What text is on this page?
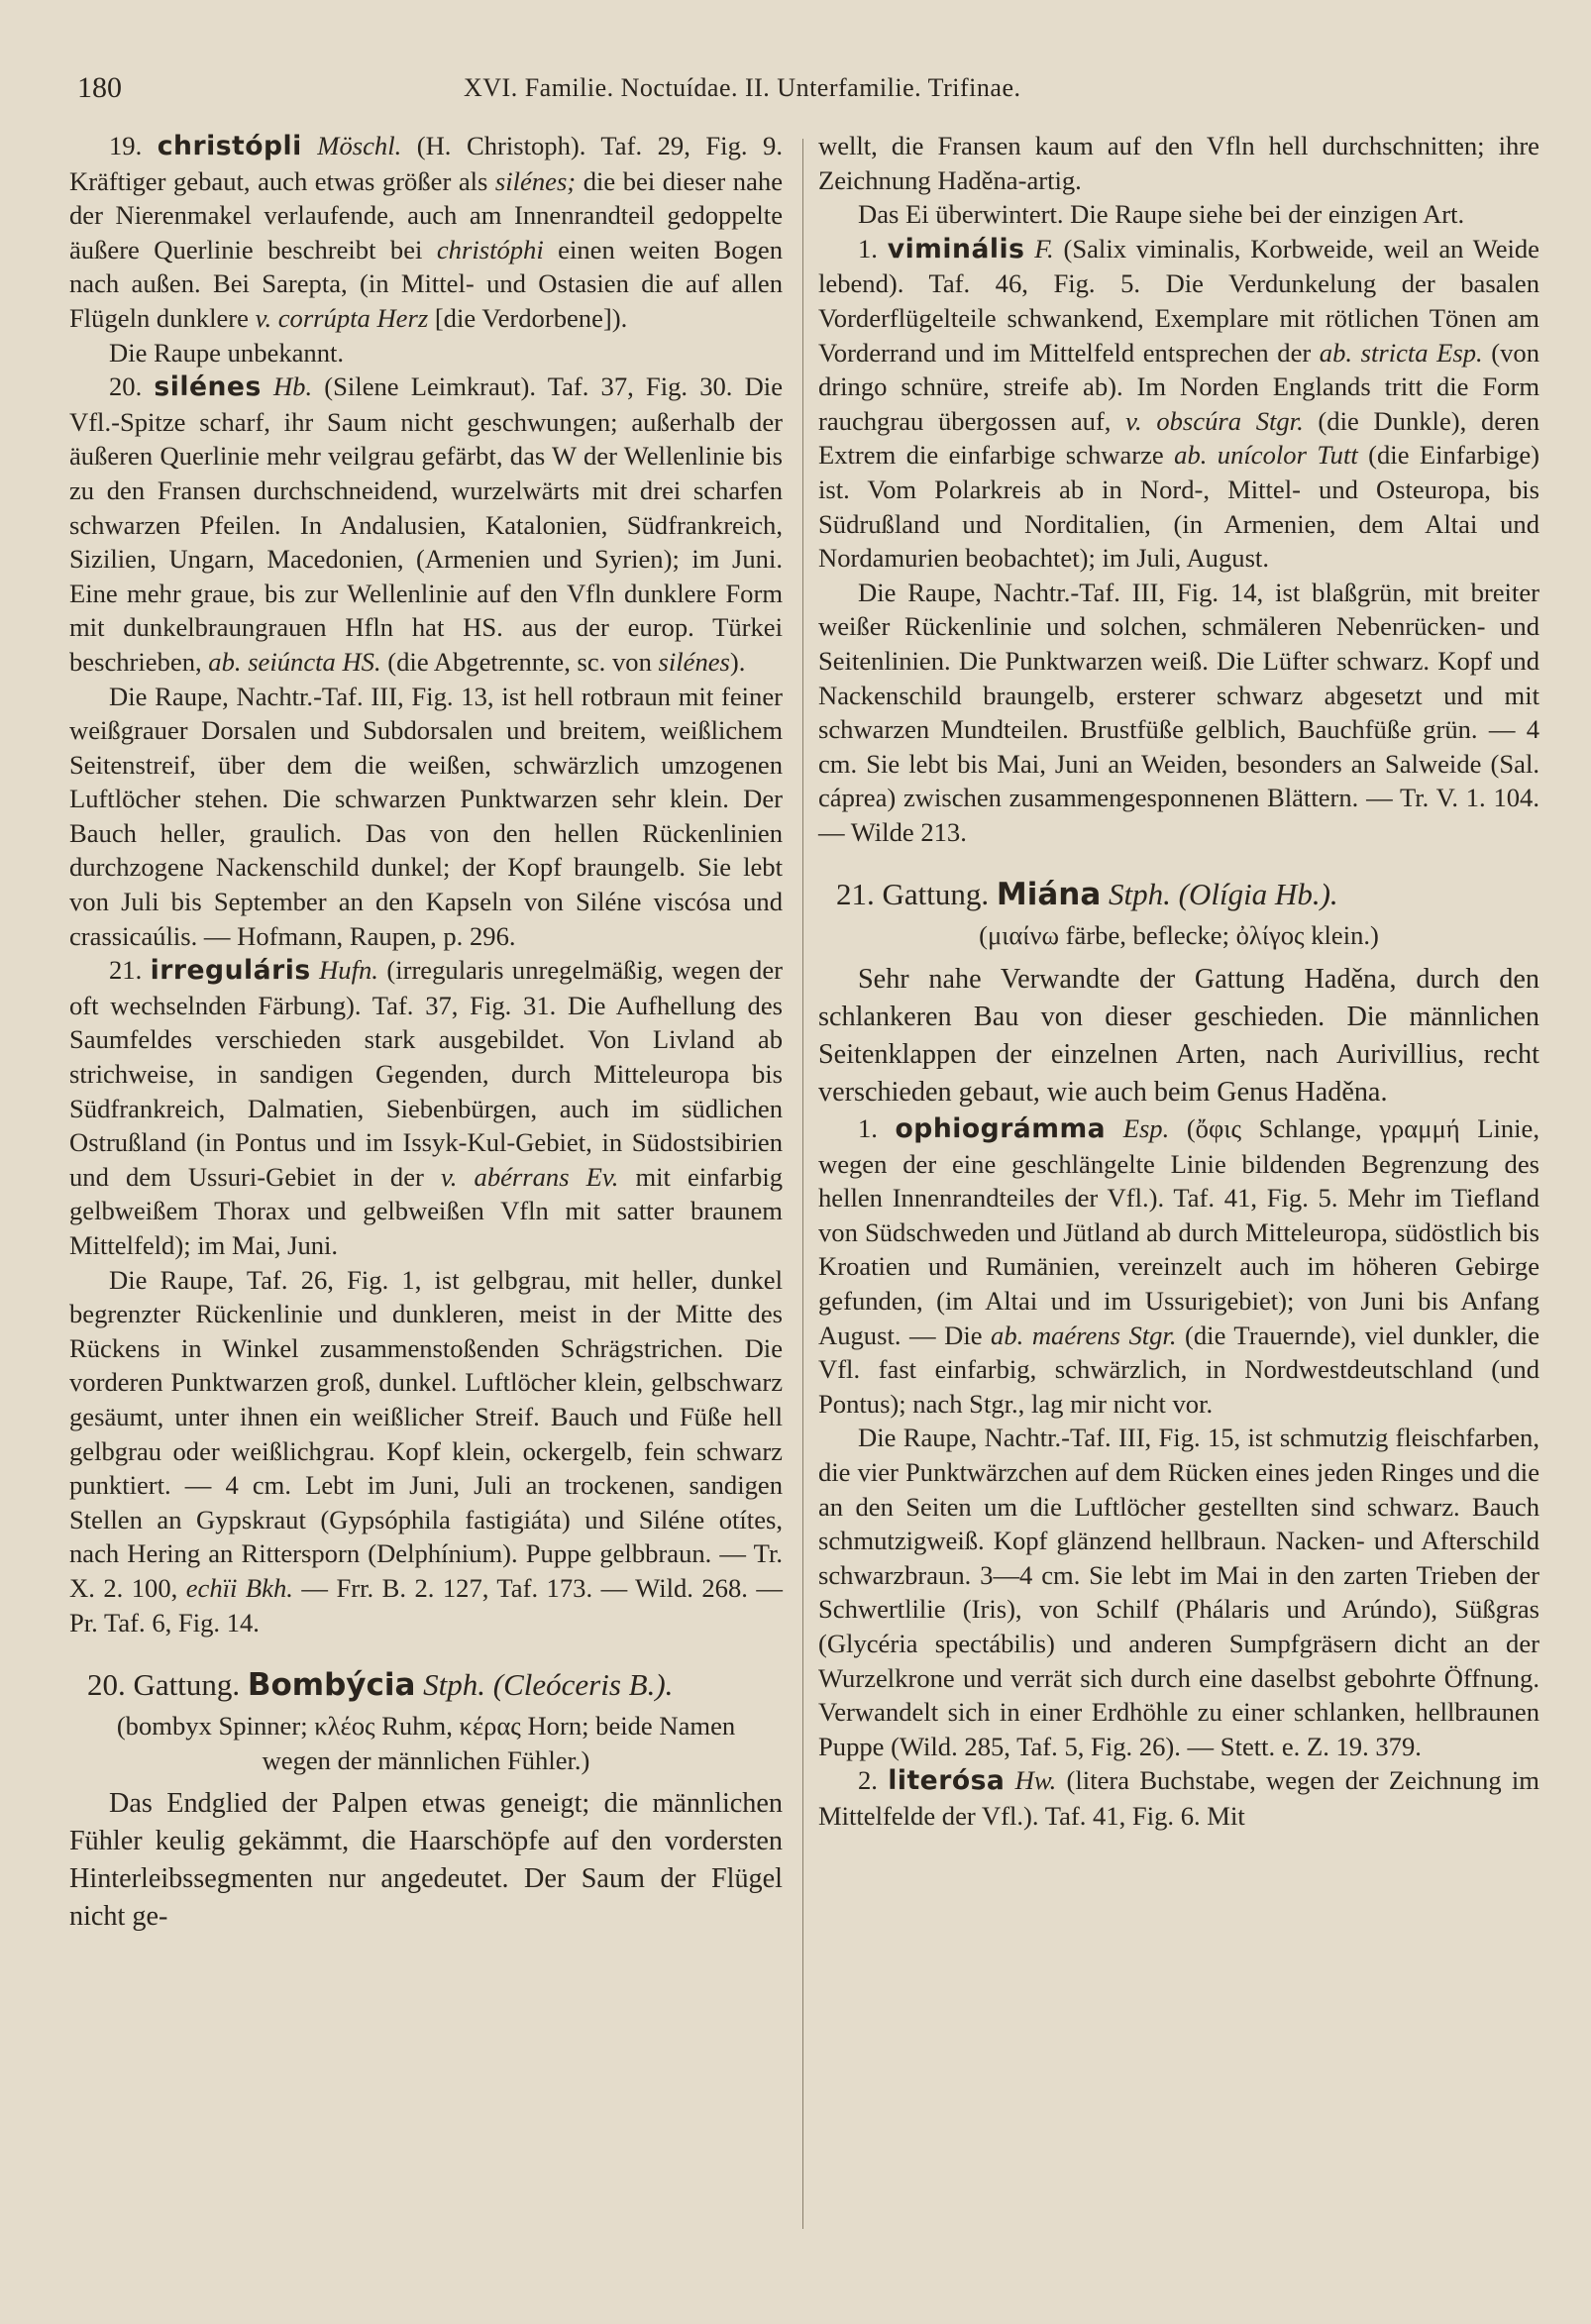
180	XVI. Familie. Noctuídae. II. Unterfamilie. Trifinae.

19. christópli Möschl. (H. Christoph). Taf. 29, Fig. 9. Kräftiger gebaut, auch etwas größer als silénes; die bei dieser nahe der Nierenmakel verlaufende, auch am Innenrandteil gedoppelte äußere Querlinie beschreibt bei christóphi einen weiten Bogen nach außen. Bei Sarepta, (in Mittel- und Ostasien die auf allen Flügeln dunklere v. corrúpta Herz [die Verdorbene]).

Die Raupe unbekannt.

20. silénes Hb. (Silene Leimkraut). Taf. 37, Fig. 30. Die Vfl.-Spitze scharf, ihr Saum nicht geschwungen; außerhalb der äußeren Querlinie mehr veilgrau gefärbt, das W der Wellenlinie bis zu den Fransen durchschneidend, wurzelwärts mit drei scharfen schwarzen Pfeilen. In Andalusien, Katalonien, Südfrankreich, Sizilien, Ungarn, Macedonien, (Armenien und Syrien); im Juni. Eine mehr graue, bis zur Wellenlinie auf den Vfln dunklere Form mit dunkelbraungrauen Hfln hat HS. aus der europ. Türkei beschrieben, ab. seiúncta HS. (die Abgetrennte, sc. von silénes).

Die Raupe, Nachtr.-Taf. III, Fig. 13, ist hell rotbraun mit feiner weißgrauer Dorsalen und Subdorsalen und breitem, weißlichem Seitenstreif, über dem die weißen, schwärzlich umzogenen Luftlöcher stehen. Die schwarzen Punktwarzen sehr klein. Der Bauch heller, graulich. Das von den hellen Rückenlinien durchzogene Nackenschild dunkel; der Kopf braungelb. Sie lebt von Juli bis September an den Kapseln von Siléne viscósa und crassicaúlis. — Hofmann, Raupen, p. 296.

21. irreguláris Hufn. (irregularis unregelmäßig, wegen der oft wechselnden Färbung). Taf. 37, Fig. 31. Die Aufhellung des Saumfeldes verschieden stark ausgebildet. Von Livland ab strichweise, in sandigen Gegenden, durch Mitteleuropa bis Südfrankreich, Dalmatien, Siebenbürgen, auch im südlichen Ostrußland (in Pontus und im Issyk-Kul-Gebiet, in Südostsibirien und dem Ussuri-Gebiet in der v. abérrans Ev. mit einfarbig gelbweißem Thorax und gelbweißen Vfln mit satter braunem Mittelfeld); im Mai, Juni.

Die Raupe, Taf. 26, Fig. 1, ist gelbgrau, mit heller, dunkel begrenzter Rückenlinie und dunkleren, meist in der Mitte des Rückens in Winkel zusammenstoßenden Schrägstrichen. Die vorderen Punktwarzen groß, dunkel. Luftlöcher klein, gelbschwarz gesäumt, unter ihnen ein weißlicher Streif. Bauch und Füße hell gelbgrau oder weißlichgrau. Kopf klein, ockergelb, fein schwarz punktiert. — 4 cm. Lebt im Juni, Juli an trockenen, sandigen Stellen an Gypskraut (Gypsóphila fastigiáta) und Siléne otítes, nach Hering an Rittersporn (Delphínium). Puppe gelbbraun. — Tr. X. 2. 100, echïi Bkh. — Frr. B. 2. 127, Taf. 173. — Wild. 268. — Pr. Taf. 6, Fig. 14.

20. Gattung. Bombýcia Stph. (Cleóceris B.).

(bombyx Spinner; κλέος Ruhm, κέρας Horn; beide Namen wegen der männlichen Fühler.)

Das Endglied der Palpen etwas geneigt; die männlichen Fühler keulig gekämmt, die Haarschöpfe auf den vordersten Hinterleibssegmenten nur angedeutet. Der Saum der Flügel nicht ge-

wellt, die Fransen kaum auf den Vfln hell durchschnitten; ihre Zeichnung Haděna-artig.

Das Ei überwintert. Die Raupe siehe bei der einzigen Art.

1. viminális F. (Salix viminalis, Korbweide, weil an Weide lebend). Taf. 46, Fig. 5. Die Verdunkelung der basalen Vorderflügelteile schwankend, Exemplare mit rötlichen Tönen am Vorderrand und im Mittelfeld entsprechen der ab. stricta Esp. (von dringo schnüre, streife ab). Im Norden Englands tritt die Form rauchgrau übergossen auf, v. obscúra Stgr. (die Dunkle), deren Extrem die einfarbige schwarze ab. unícolor Tutt (die Einfarbige) ist. Vom Polarkreis ab in Nord-, Mittel- und Osteuropa, bis Südrußland und Norditalien, (in Armenien, dem Altai und Nordamurien beobachtet); im Juli, August.

Die Raupe, Nachtr.-Taf. III, Fig. 14, ist blaßgrün, mit breiter weißer Rückenlinie und solchen, schmäleren Nebenrücken- und Seitenlinien. Die Punktwarzen weiß. Die Lüfter schwarz. Kopf und Nackenschild braungelb, ersterer schwarz abgesetzt und mit schwarzen Mundteilen. Brustfüße gelblich, Bauchfüße grün. — 4 cm. Sie lebt bis Mai, Juni an Weiden, besonders an Salweide (Sal. cáprea) zwischen zusammengesponnenen Blättern. — Tr. V. 1. 104. — Wilde 213.

21. Gattung. Miána Stph. (Olígia Hb.).

(μιαίνω färbe, beflecke; ὀλίγος klein.)

Sehr nahe Verwandte der Gattung Haděna, durch den schlankeren Bau von dieser geschieden. Die männlichen Seitenklappen der einzelnen Arten, nach Aurivillius, recht verschieden gebaut, wie auch beim Genus Haděna.

1. ophiográmma Esp. (ὄφις Schlange, γραμμή Linie, wegen der eine geschlängelte Linie bildenden Begrenzung des hellen Innenrandteiles der Vfl.). Taf. 41, Fig. 5. Mehr im Tiefland von Südschweden und Jütland ab durch Mitteleuropa, südöstlich bis Kroatien und Rumänien, vereinzelt auch im höheren Gebirge gefunden, (im Altai und im Ussurigebiet); von Juni bis Anfang August. — Die ab. maérens Stgr. (die Trauernde), viel dunkler, die Vfl. fast einfarbig, schwärzlich, in Nordwestdeutschland (und Pontus); nach Stgr., lag mir nicht vor.

Die Raupe, Nachtr.-Taf. III, Fig. 15, ist schmutzig fleischfarben, die vier Punktwärzchen auf dem Rücken eines jeden Ringes und die an den Seiten um die Luftlöcher gestellten sind schwarz. Bauch schmutzigweiß. Kopf glänzend hellbraun. Nacken- und Afterschild schwarzbraun. 3—4 cm. Sie lebt im Mai in den zarten Trieben der Schwertlilie (Iris), von Schilf (Phálaris und Arúndo), Süßgras (Glycéria spectábilis) und anderen Sumpfgräsern dicht an der Wurzelkrone und verrät sich durch eine daselbst gebohrte Öffnung. Verwandelt sich in einer Erdhöhle zu einer schlanken, hellbraunen Puppe (Wild. 285, Taf. 5, Fig. 26). — Stett. e. Z. 19. 379.

2. literósa Hw. (litera Buchstabe, wegen der Zeichnung im Mittelfelde der Vfl.). Taf. 41, Fig. 6. Mit
